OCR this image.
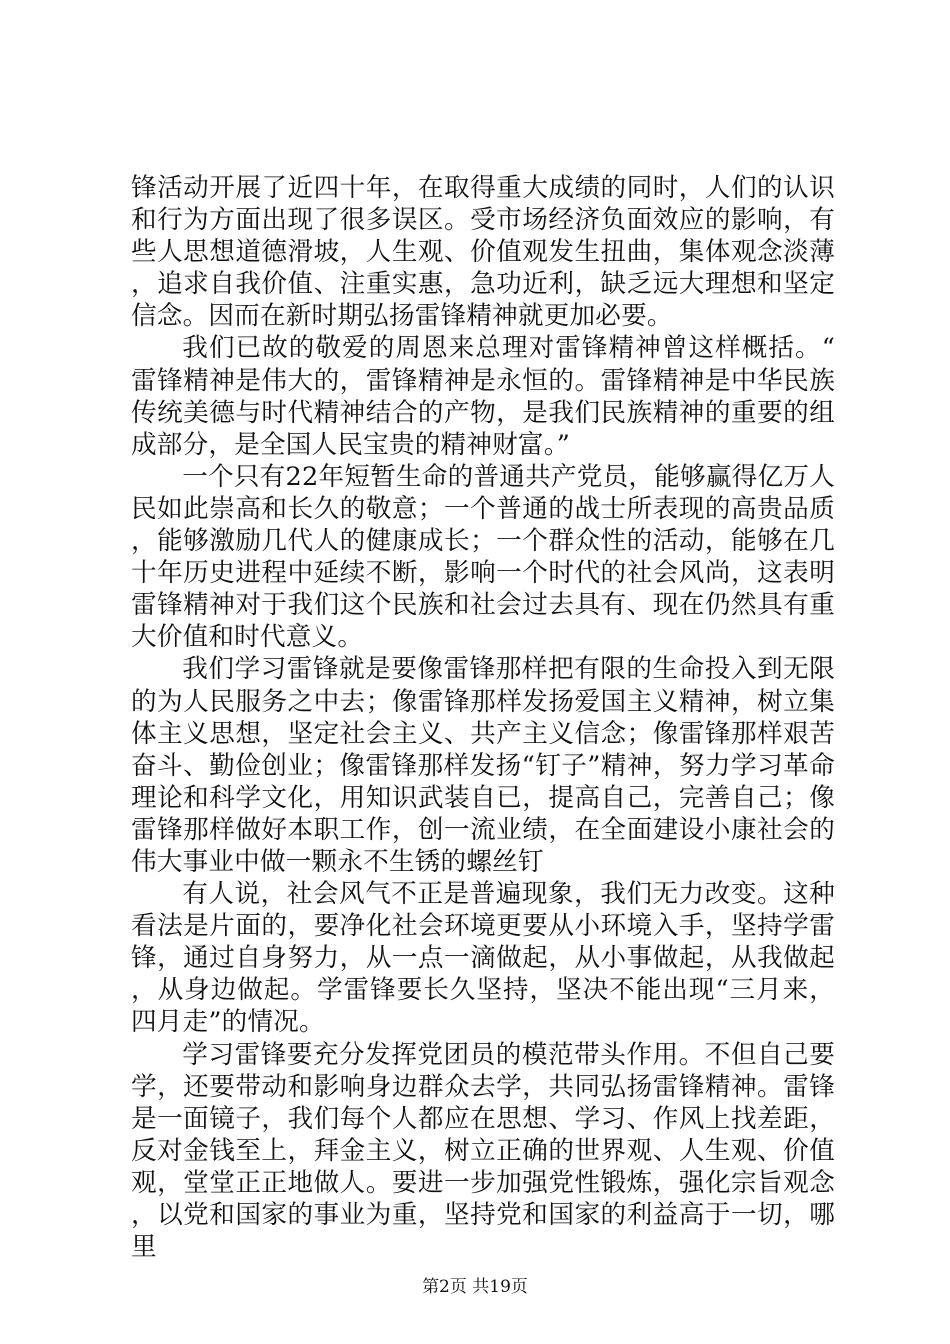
锋活动开展了近四十年，在取得重大成绩的同时，人们的认识和行为方面出现了很多误区。受市场经济负面效应的影响，有些人思想道德滑坡，人生观、价值观发生扭曲，集体观念淡薄，追求自我价值、注重实惠，急功近利，缺乏远大理想和坚定信念。因而在新时期弘扬雷锋精神就更加必要。

我们已故的敬爱的周恩来总理对雷锋精神曾这样概括。“雷锋精神是伟大的，雷锋精神是永恒的。雷锋精神是中华民族传统美德与时代精神结合的产物，是我们民族精神的重要的组成部分，是全国人民宝贵的精神财富。”

一个只有22年短暂生命的普通共产党员，能够赢得亿万人民如此崇高和长久的敬意；一个普通的战士所表现的高贵品质，能够激励几代人的健康成长；一个群众性的活动，能够在几十年历史进程中延续不断，影响一个时代的社会风尚，这表明雷锋精神对于我们这个民族和社会过去具有、现在仍然具有重大价值和时代意义。

我们学习雷锋就是要像雷锋那样把有限的生命投入到无限的为人民服务之中去；像雷锋那样发扬爱国主义精神，树立集体主义思想，坚定社会主义、共产主义信念；像雷锋那样艰苦奋斗、勤俭创业；像雷锋那样发扬“钉子”精神，努力学习革命理论和科学文化，用知识武装自已，提高自己，完善自己；像雷锋那样做好本职工作，创一流业绩，在全面建设小康社会的伟大事业中做一颗永不生锈的螺丝钉

有人说，社会风气不正是普遍现象，我们无力改变。这种看法是片面的，要净化社会环境更要从小环境入手，坚持学雷锋，通过自身努力，从一点一滴做起，从小事做起，从我做起，从身边做起。学雷锋要长久坚持，坚决不能出现“三月来，四月走”的情况。

学习雷锋要充分发挥党团员的模范带头作用。不但自己要学，还要带动和影响身边群众去学，共同弘扬雷锋精神。雷锋是一面镜子，我们每个人都应在思想、学习、作风上找差距，反对金钱至上，拜金主义，树立正确的世界观、人生观、价值观，堂堂正正地做人。要进一步加强党性锻炼，强化宗旨观念，以党和国家的事业为重，坚持党和国家的利益高于一切，哪里

第2页 共19页
